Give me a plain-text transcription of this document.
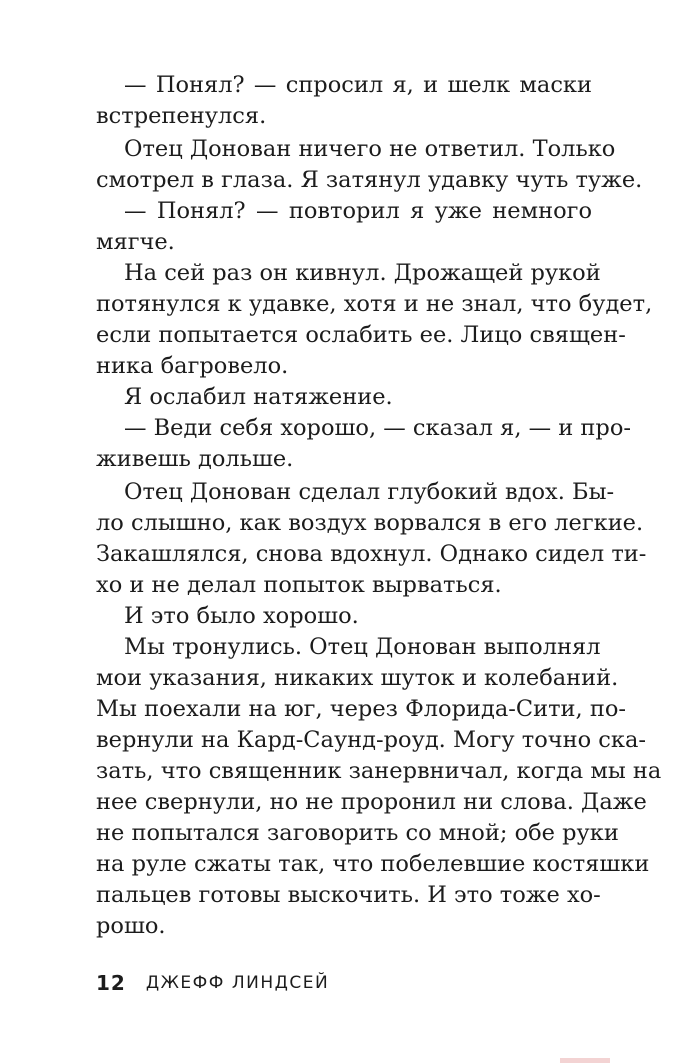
— Понял? — спросил я, и шелк маски
встрепенулся.
Отец Донован ничего не ответил. Только
смотрел в глаза. Я затянул удавку чуть туже.
— Понял? — повторил я уже немного
мягче.
На сей раз он кивнул. Дрожащей рукой
потянулся к удавке, хотя и не знал, что будет,
если попытается ослабить ее. Лицо священ-
ника багровело.
Я ослабил натяжение.
— Веди себя хорошо, — сказал я, — и про-
живешь дольше.
Отец Донован сделал глубокий вдох. Бы-
ло слышно, как воздух ворвался в его легкие.
Закашлялся, снова вдохнул. Однако сидел ти-
хо и не делал попыток вырваться.
И это было хорошо.
Мы тронулись. Отец Донован выполнял
мои указания, никаких шуток и колебаний.
Мы поехали на юг, через Флорида-Сити, по-
вернули на Кард-Саунд-роуд. Могу точно ска-
зать, что священник занервничал, когда мы на
нее свернули, но не проронил ни слова. Даже
не попытался заговорить со мной; обе руки
на руле сжаты так, что побелевшие костяшки
пальцев готовы выскочить. И это тоже хо-
рошо.
12 ДЖЕФФ ЛИНДСЕЙ
